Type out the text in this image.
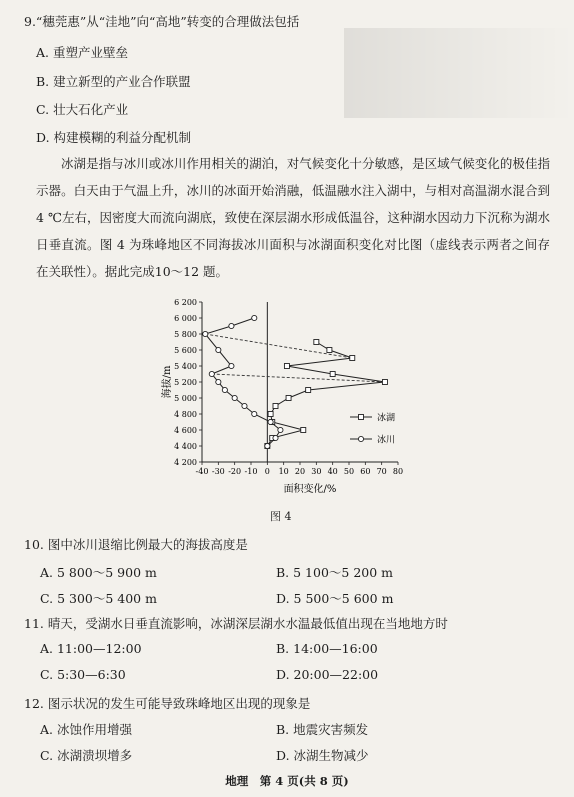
9.“穗莞惠”从“洼地”向“高地”转变的合理做法包括
A. 重塑产业壁垒
B. 建立新型的产业合作联盟
C. 壮大石化产业
D. 构建模糊的利益分配机制
冰湖是指与冰川或冰川作用相关的湖泊，对气候变化十分敏感，是区域气候变化的极佳指示器。白天由于气温上升，冰川的冰面开始消融，低温融水注入湖中，与相对高温湖水混合到 4 ℃左右，因密度大而流向湖底，致使在深层湖水形成低温谷，这种湖水因动力下沉称为湖水日垂直流。图 4 为珠峰地区不同海拔冰川面积与冰湖面积变化对比图（虚线表示两者之间存在关联性）。据此完成10～12 题。
4 200
4 400
4 600
4 800
5 000
5 200
5 400
5 600
5 800
6 000
6 200
-40 -30 -20 -10 0 10 20 30 40 50 60 70 80
冰湖
冰川
海拔/m
面积变化/%
图 4
10. 图中冰川退缩比例最大的海拔高度是
A. 5 800～5 900 m	B. 5 100～5 200 m
C. 5 300～5 400 m	D. 5 500～5 600 m
11. 晴天，受湖水日垂直流影响，冰湖深层湖水水温最低值出现在当地地方时
A. 11:00—12:00	B. 14:00—16:00
C. 5:30—6:30	D. 20:00—22:00
12. 图示状况的发生可能导致珠峰地区出现的现象是
A. 冰蚀作用增强	B. 地震灾害频发
C. 冰湖溃坝增多	D. 冰湖生物减少
地理　第 4 页(共 8 页)
